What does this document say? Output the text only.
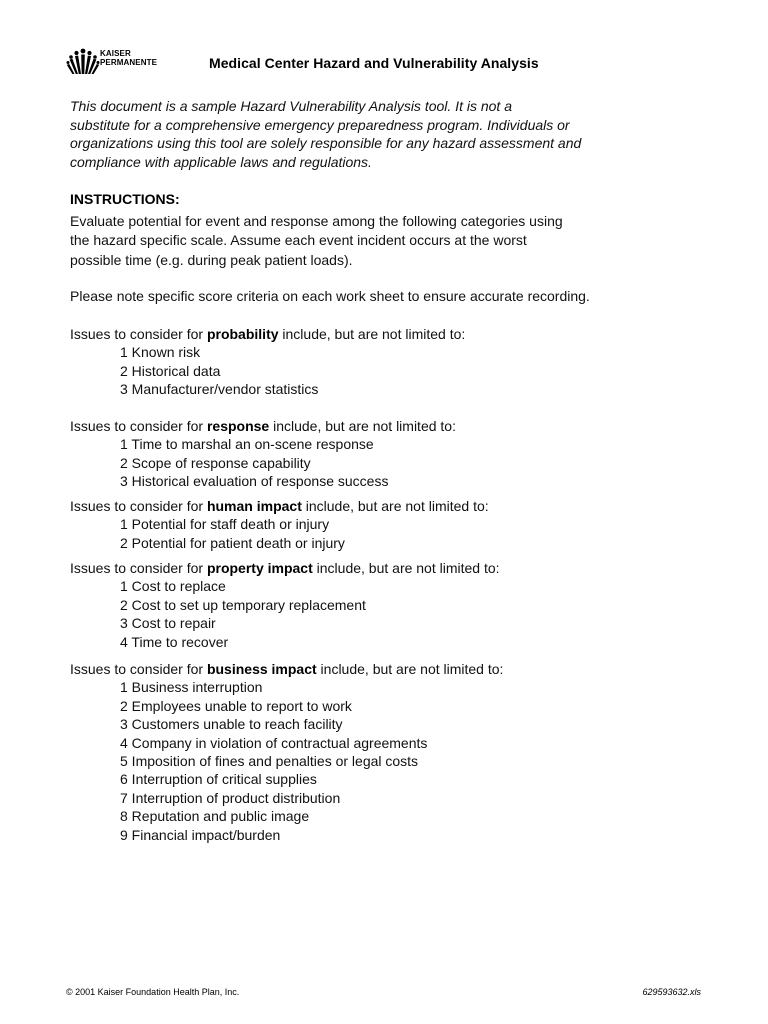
KAISER
PERMANENTE	Medical Center Hazard and Vulnerability Analysis
This document is a sample Hazard Vulnerability Analysis tool. It is not a
substitute for a comprehensive emergency preparedness program. Individuals or
organizations using this tool are solely responsible for any hazard assessment and
compliance with applicable laws and regulations.
INSTRUCTIONS:
Evaluate potential for event and response among the following categories using
the hazard specific scale. Assume each event incident occurs at the worst
possible time (e.g. during peak patient loads).
Please note specific score criteria on each work sheet to ensure accurate recording.
Issues to consider for probability include, but are not limited to:
1 Known risk
2 Historical data
3 Manufacturer/vendor statistics
Issues to consider for response include, but are not limited to:
1 Time to marshal an on-scene response
2 Scope of response capability
3 Historical evaluation of response success
Issues to consider for human impact include, but are not limited to:
1 Potential for staff death or injury
2 Potential for patient death or injury
Issues to consider for property impact include, but are not limited to:
1 Cost to replace
2 Cost to set up temporary replacement
3 Cost to repair
4 Time to recover
Issues to consider for business impact include, but are not limited to:
1 Business interruption
2 Employees unable to report to work
3 Customers unable to reach facility
4 Company in violation of contractual agreements
5 Imposition of fines and penalties or legal costs
6 Interruption of critical supplies
7 Interruption of product distribution
8 Reputation and public image
9 Financial impact/burden
© 2001 Kaiser Foundation Health Plan, Inc.	629593632.xls
